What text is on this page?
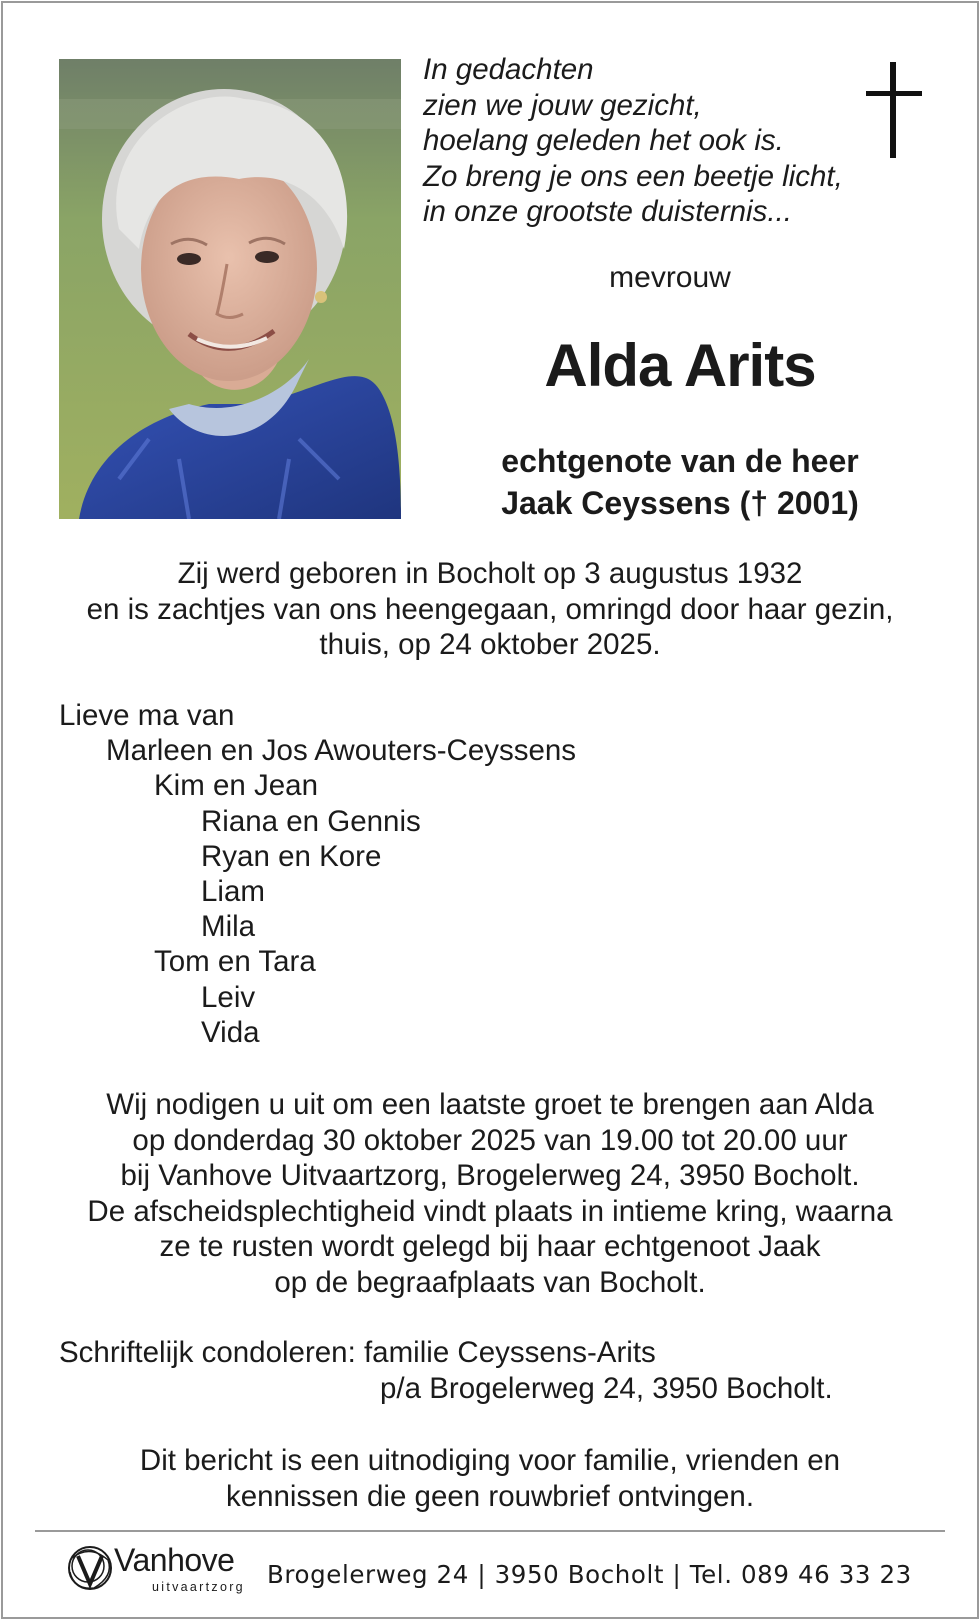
In gedachten
zien we jouw gezicht,
hoelang geleden het ook is.
Zo breng je ons een beetje licht,
in onze grootste duisternis...
mevrouw
Alda Arits
echtgenote van de heer
Jaak Ceyssens († 2001)
Zij werd geboren in Bocholt op 3 augustus 1932
en is zachtjes van ons heengegaan, omringd door haar gezin,
thuis, op 24 oktober 2025.
Lieve ma van
Marleen en Jos Awouters-Ceyssens
Kim en Jean
Riana en Gennis
Ryan en Kore
Liam
Mila
Tom en Tara
Leiv
Vida
Wij nodigen u uit om een laatste groet te brengen aan Alda
op donderdag 30 oktober 2025 van 19.00 tot 20.00 uur
bij Vanhove Uitvaartzorg, Brogelerweg 24, 3950 Bocholt.
De afscheidsplechtigheid vindt plaats in intieme kring, waarna
ze te rusten wordt gelegd bij haar echtgenoot Jaak
op de begraafplaats van Bocholt.
Schriftelijk condoleren: familie Ceyssens-Arits
p/a Brogelerweg 24, 3950 Bocholt.
Dit bericht is een uitnodiging voor familie, vrienden en
kennissen die geen rouwbrief ontvingen.
Vanhove
uitvaartzorg Brogelerweg 24 | 3950 Bocholt | Tel. 089 46 33 23
